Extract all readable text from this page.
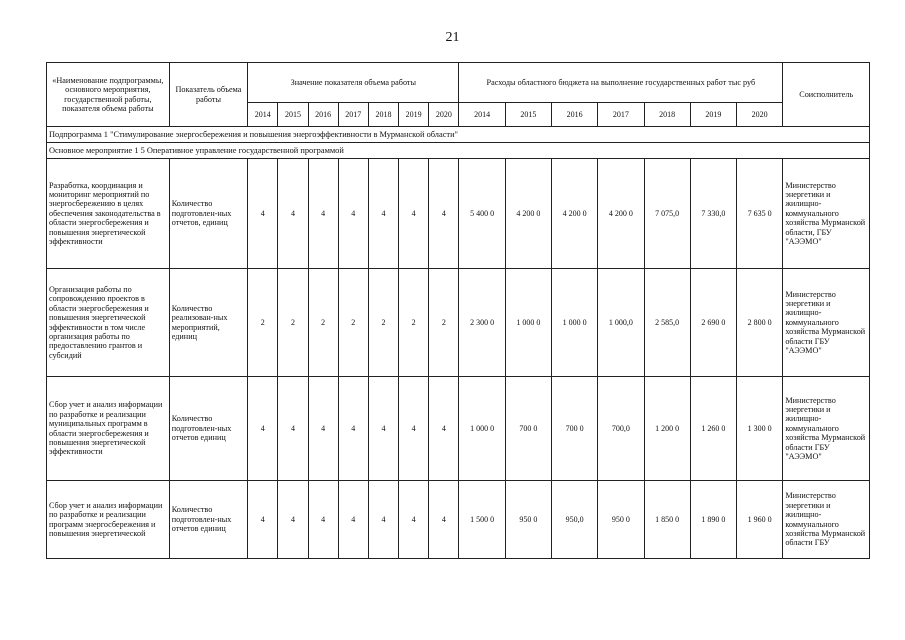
21
«Наименование подпрограммы, основного мероприятия, государственной работы, показателя объема работы	Показатель объема работы	Значение показателя объема работы							Расходы областного бюджета на выполнение государственных работ тыс руб							Соисполнитель
		2014	2015	2016	2017	2018	2019	2020	2014	2015	2016	2017	2018	2019	2020	
Подпрограмма 1 "Стимулирование энергосбережения и повышения энергоэффективности в Мурманской области"																
Основное мероприятие 1 5 Оперативное управление государственной программой																
Разработка, координация и мониторинг мероприятий по энергосбережению в целях обеспечения законодательства в области энергосбережения и повышения энергетической эффективности	Количество подготовлен-ных отчетов, единиц	4	4	4	4	4	4	4	5 400 0	4 200 0	4 200 0	4 200 0	7 075,0	7 330,0	7 635 0	Министерство энергетики и жилищно-коммунального хозяйства Мурманской области, ГБУ "АЭЭМО"
Организация работы по сопровождению проектов в области энергосбережения и повышения энергетической эффективности в том числе организация работы по предоставлению грантов и субсидий	Количество реализован-ных мероприятий, единиц	2	2	2	2	2	2	2	2 300 0	1 000 0	1 000 0	1 000,0	2 585,0	2 690 0	2 800 0	Министерство энергетики и жилищно-коммунального хозяйства Мурманской области ГБУ "АЭЭМО"
Сбор учет и анализ информации по разработке и реализации муниципальных программ в области энергосбережения и повышения энергетической эффективности	Количество подготовлен-ных отчетов единиц	4	4	4	4	4	4	4	1 000 0	700 0	700 0	700,0	1 200 0	1 260 0	1 300 0	Министерство энергетики и жилищно-коммунального хозяйства Мурманской области ГБУ "АЭЭМО"

Сбор учет и анализ информации по разработке и реализации программ энергосбережения и повышения энергетической	Количество подготовлен-ных отчетов единиц	4	4	4	4	4	4	4	1 500 0	950 0	950,0	950 0	1 850 0	1 890 0	1 960 0	Министерство энергетики и жилищно-коммунального хозяйства Мурманской области ГБУ
